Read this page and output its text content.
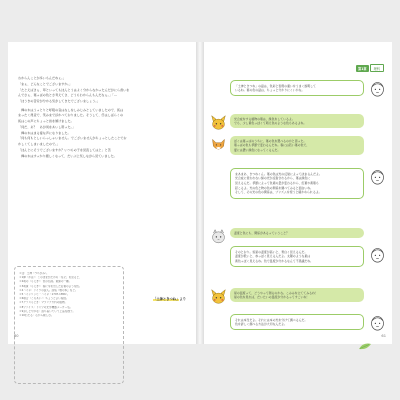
わからんことが多いもんだねぇ。」
「まぁ、どんなことでございますか。」
「たとえばさぁ、草といってもほんとうはよく分からなかったんだがにら香いを
んでさぁ、葉っぱの色とさ考えてさ、どうもわからんもんだなぁ。」「…
「ほうきの苦労が分かる気がしてきたでございましょう。」
　樺の木はうっとりと呼吸の音はなしをしみじみとしていましたので、狐は
まったく得意で、笑みまで浮かべておりました。そうして、仔はしばらくの
狐はこの声にちょっと首を傾けました。
「何だ、あ？　あが何をあいし帯った。」
　樺の木はまる蜜な声になりました。
「何も何もとしいらっしゃいません。でございませんがちょっとしたことでお
かしくてしまいましたので。」
「ほんとにそうでございますか？いつもの子を見直してはと」と苦
　樺の木はすっかり嬉しくなって、だいぶ上気しながら見ていました。
「土神ときつね」より
＊注：土神（つちがみ）。
＊1樺（かば）：このままがたかの「なぞ」を見ると、
＊2萌の（もえぎ）：色の名前。黄緑の一種。
＊3萌黄（もえぎ）：春に芽を出した若葉のような色。
＊4ハイネ：ドイツの詩人。詩集『歌の本』など。
＊5ハインリッヒ・ハイネ（1797-1856）。
＊6頃合（ころあい）：ちょうどよい程度。
＊7グラスもどき：マツリアカ科の植物。
＊8ツァイス：ドイツの光学機器メーカー名。
＊9おしとやかな：落ち着いていて上品な様子。
＊10わたる：心から親しむ。
60
第1章	理科
「土神ときつね」の話は、色彩と表現の違いをうまく説明して
いるね。葉の色の話は、ちょっと分かりにくいかな。
光合成をする植物の葉は、緑色をしているよ。
でも、少し黄色っぽくて萌え色のような色もあるよね。
ぼくは葉っぱのうちに、葉の色を選べるのかと思った。
葉っぱの色も季節で変わるんだね。春には若い葉の色で、
夏には濃い緑色になってくるんだ。
まあまあ、きつねくん。葉の色は光の反射によって決まるんだよ。
光合成に使われない緑の光が反射されるから、葉は緑色に
見えるんだ。季節によって色素の量が変わるから、紅葉や黄葉も
起こるよ。光の色と物の色の関係を調べてみると面白いね。
そして、その光の色の関係は、プリズムを使うと確かめられるよ。
温度と色にも、関係があるっていうこと？
そのとおり。恒星の温度が高いと、青白く見えるんだ。
温度が低いと、赤っぽく見えるんだよ。太陽のような星は
黄色っぽく見えるね。色で温度が分かるなんて不思議だね。
星の温度って、どうやって測るのかな。こみみを立ててみるね！
星の色を見れば、だいたいの温度が分かるってすごいね！
それは本当だよ。それには本の光を分けて調べるんだ。
色を詳しく調べる方法が大切なんだよ。
61
